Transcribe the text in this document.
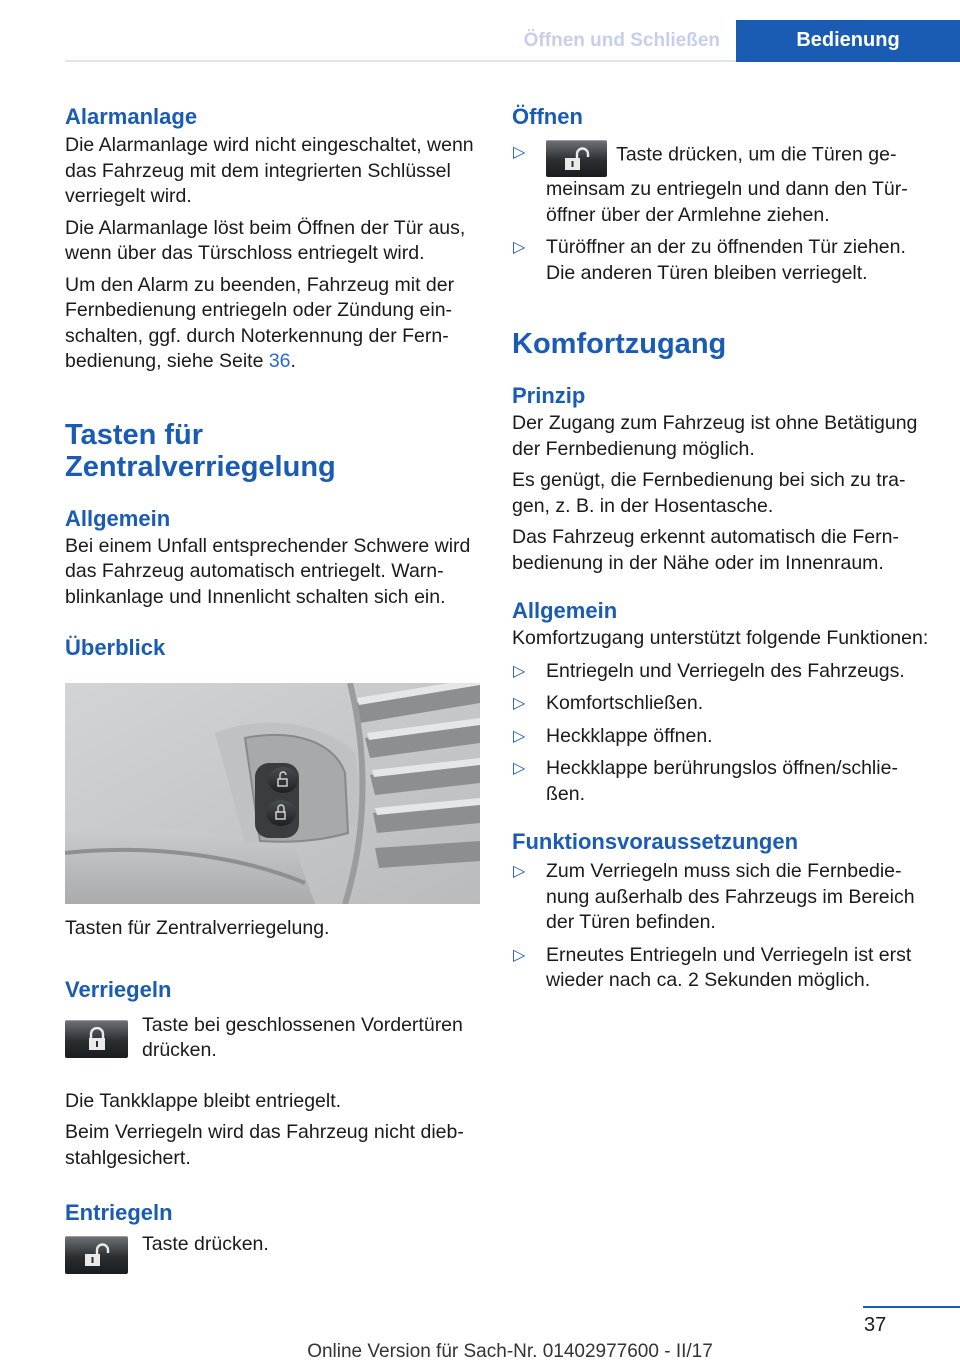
Öffnen und Schließen	Bedienung
Alarmanlage

Die Alarmanlage wird nicht eingeschaltet, wenn das Fahrzeug mit dem integrierten Schlüssel verriegelt wird.

Die Alarmanlage löst beim Öffnen der Tür aus, wenn über das Türschloss entriegelt wird.

Um den Alarm zu beenden, Fahrzeug mit der Fernbedienung entriegeln oder Zündung einschalten, ggf. durch Noterkennung der Fernbedienung, siehe Seite 36.

Tasten für
Zentralverriegelung
Allgemein

Bei einem Unfall entsprechender Schwere wird das Fahrzeug automatisch entriegelt. Warnblinkanlage und Innenlicht schalten sich ein.

Überblick

Tasten für Zentralverriegelung.

Verriegeln
Taste bei geschlossenen Vordertüren drücken.

Die Tankklappe bleibt entriegelt.

Beim Verriegeln wird das Fahrzeug nicht diebstahlgesichert.

Entriegeln
Taste drücken.
Öffnen
▷	Taste drücken, um die Türen gemeinsam zu entriegeln und dann den Türöffner über der Armlehne ziehen.
▷ Türöffner an der zu öffnenden Tür ziehen. Die anderen Türen bleiben verriegelt.
Komfortzugang
Prinzip

Der Zugang zum Fahrzeug ist ohne Betätigung der Fernbedienung möglich.

Es genügt, die Fernbedienung bei sich zu tragen, z. B. in der Hosentasche.

Das Fahrzeug erkennt automatisch die Fernbedienung in der Nähe oder im Innenraum.

Allgemein

Komfortzugang unterstützt folgende Funktionen:

▷ Entriegeln und Verriegeln des Fahrzeugs.
▷ Komfortschließen.
▷ Heckklappe öffnen.
▷ Heckklappe berührungslos öffnen/schließen.
Funktionsvoraussetzungen
▷ Zum Verriegeln muss sich die Fernbedienung außerhalb des Fahrzeugs im Bereich der Türen befinden.
▷ Erneutes Entriegeln und Verriegeln ist erst wieder nach ca. 2 Sekunden möglich.
37
Online Version für Sach-Nr. 01402977600 - II/17
